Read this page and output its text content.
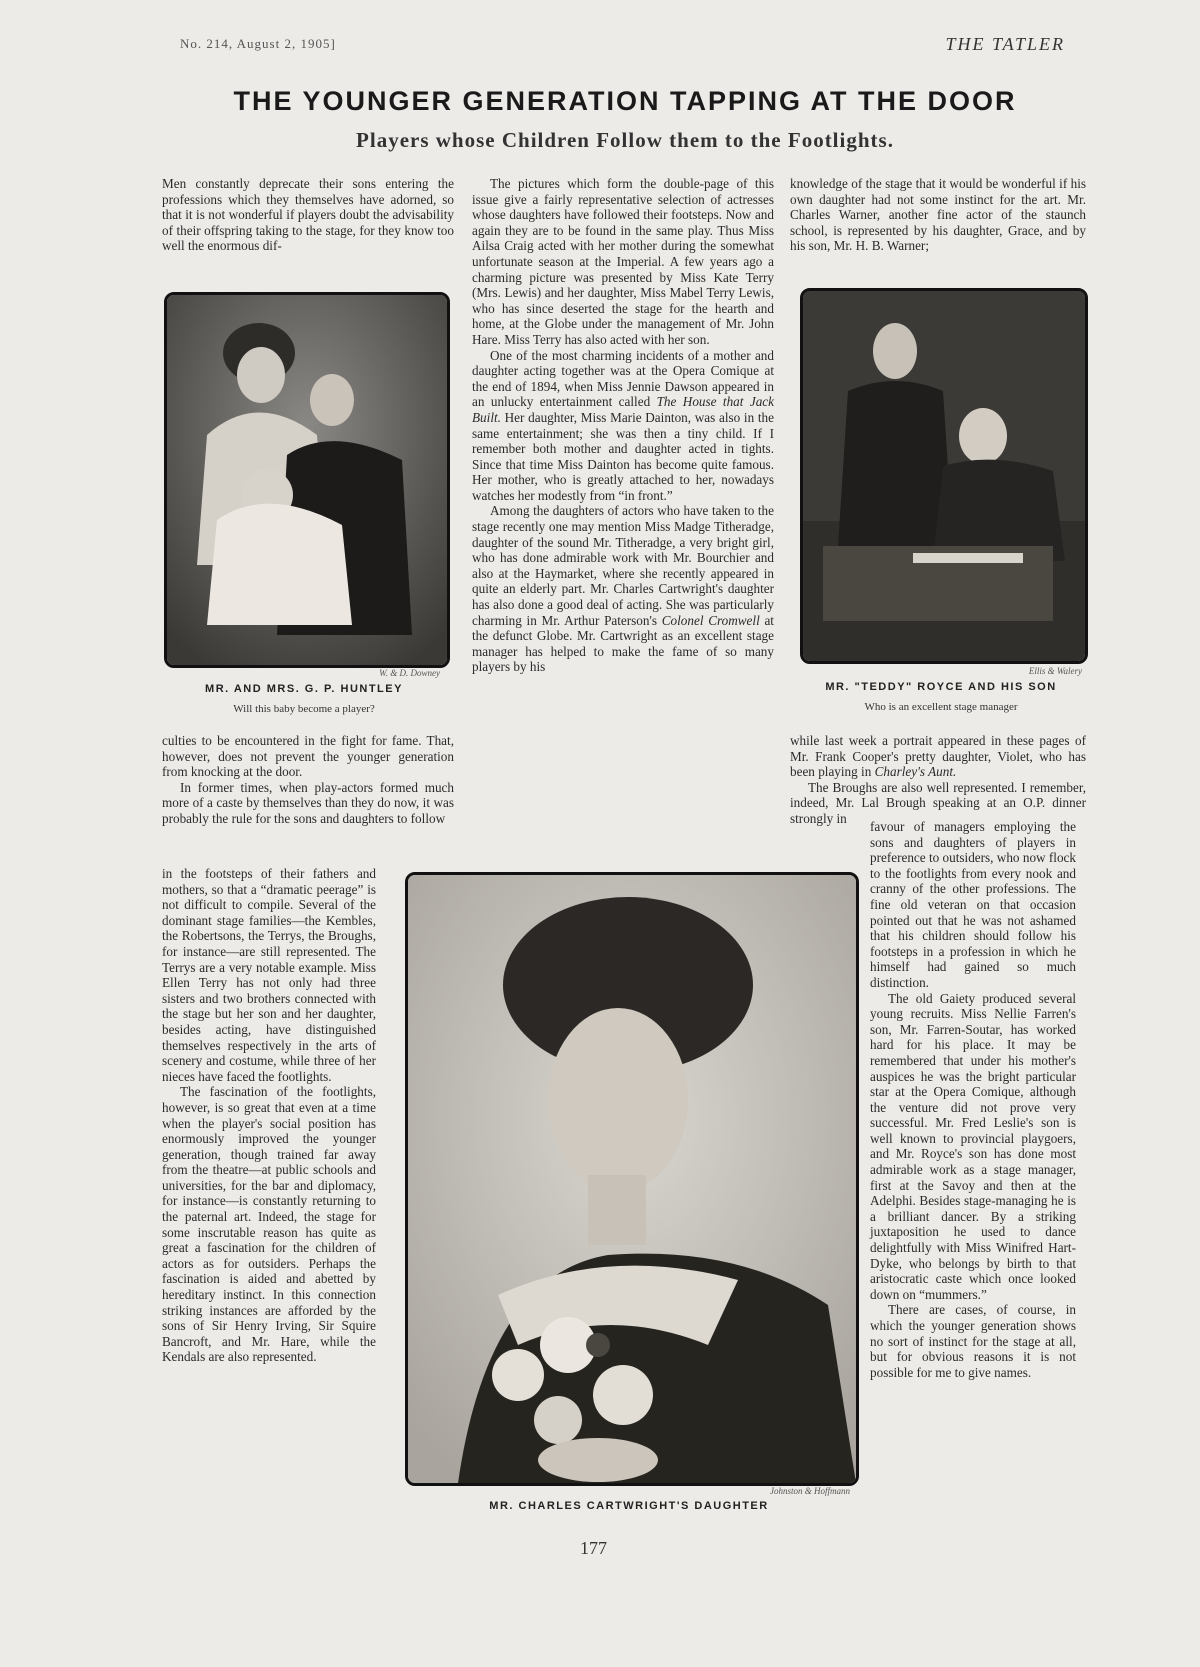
No. 214, August 2, 1905]	THE TATLER
THE YOUNGER GENERATION TAPPING AT THE DOOR
Players whose Children Follow them to the Footlights.

Men constantly deprecate their sons entering the professions which they themselves have adorned, so that it is not wonderful if players doubt the advisability of their offspring taking to the stage, for they know too well the enormous dif-

W. & D. Downey
MR. AND MRS. G. P. HUNTLEY
Will this baby become a player?

culties to be encountered in the fight for fame. That, however, does not prevent the younger generation from knocking at the door.

In former times, when play-actors formed much more of a caste by themselves than they do now, it was probably the rule for the sons and daughters to follow

in the footsteps of their fathers and mothers, so that a “dramatic peerage” is not difficult to compile. Several of the dominant stage families—the Kembles, the Robertsons, the Terrys, the Broughs, for instance—are still represented. The Terrys are a very notable example. Miss Ellen Terry has not only had three sisters and two brothers connected with the stage but her son and her daughter, besides acting, have distinguished themselves respectively in the arts of scenery and costume, while three of her nieces have faced the footlights.

The fascination of the footlights, however, is so great that even at a time when the player's social position has enormously improved the younger generation, though trained far away from the theatre—at public schools and universities, for the bar and diplomacy, for instance—is constantly returning to the paternal art. Indeed, the stage for some inscrutable reason has quite as great a fascination for the children of actors as for outsiders. Perhaps the fascination is aided and abetted by hereditary instinct. In this connection striking instances are afforded by the sons of Sir Henry Irving, Sir Squire Bancroft, and Mr. Hare, while the Kendals are also represented.

The pictures which form the double-page of this issue give a fairly representative selection of actresses whose daughters have followed their footsteps. Now and again they are to be found in the same play. Thus Miss Ailsa Craig acted with her mother during the somewhat unfortunate season at the Imperial. A few years ago a charming picture was presented by Miss Kate Terry (Mrs. Lewis) and her daughter, Miss Mabel Terry Lewis, who has since deserted the stage for the hearth and home, at the Globe under the management of Mr. John Hare. Miss Terry has also acted with her son.

One of the most charming incidents of a mother and daughter acting together was at the Opera Comique at the end of 1894, when Miss Jennie Dawson appeared in an unlucky entertainment called The House that Jack Built. Her daughter, Miss Marie Dainton, was also in the same entertainment; she was then a tiny child. If I remember both mother and daughter acted in tights. Since that time Miss Dainton has become quite famous. Her mother, who is greatly attached to her, nowadays watches her modestly from “in front.”

Among the daughters of actors who have taken to the stage recently one may mention Miss Madge Titheradge, daughter of the sound Mr. Titheradge, a very bright girl, who has done admirable work with Mr. Bourchier and also at the Haymarket, where she recently appeared in quite an elderly part. Mr. Charles Cartwright's daughter has also done a good deal of acting. She was particularly charming in Mr. Arthur Paterson's Colonel Cromwell at the defunct Globe. Mr. Cartwright as an excellent stage manager has helped to make the fame of so many players by his

knowledge of the stage that it would be wonderful if his own daughter had not some instinct for the art. Mr. Charles Warner, another fine actor of the staunch school, is represented by his daughter, Grace, and by his son, Mr. H. B. Warner;

Ellis & Walery
MR. "TEDDY" ROYCE AND HIS SON
Who is an excellent stage manager

while last week a portrait appeared in these pages of Mr. Frank Cooper's pretty daughter, Violet, who has been playing in Charley's Aunt.

The Broughs are also well represented. I remember, indeed, Mr. Lal Brough speaking at an O.P. dinner strongly in

favour of managers employing the sons and daughters of players in preference to outsiders, who now flock to the footlights from every nook and cranny of the other professions. The fine old veteran on that occasion pointed out that he was not ashamed that his children should follow his footsteps in a profession in which he himself had gained so much distinction.

The old Gaiety produced several young recruits. Miss Nellie Farren's son, Mr. Farren-Soutar, has worked hard for his place. It may be remembered that under his mother's auspices he was the bright particular star at the Opera Comique, although the venture did not prove very successful. Mr. Fred Leslie's son is well known to provincial playgoers, and Mr. Royce's son has done most admirable work as a stage manager, first at the Savoy and then at the Adelphi. Besides stage-managing he is a brilliant dancer. By a striking juxtaposition he used to dance delightfully with Miss Winifred Hart-Dyke, who belongs by birth to that aristocratic caste which once looked down on “mummers.”

There are cases, of course, in which the younger generation shows no sort of instinct for the stage at all, but for obvious reasons it is not possible for me to give names.

Johnston & Hoffmann
MR. CHARLES CARTWRIGHT'S DAUGHTER
177
